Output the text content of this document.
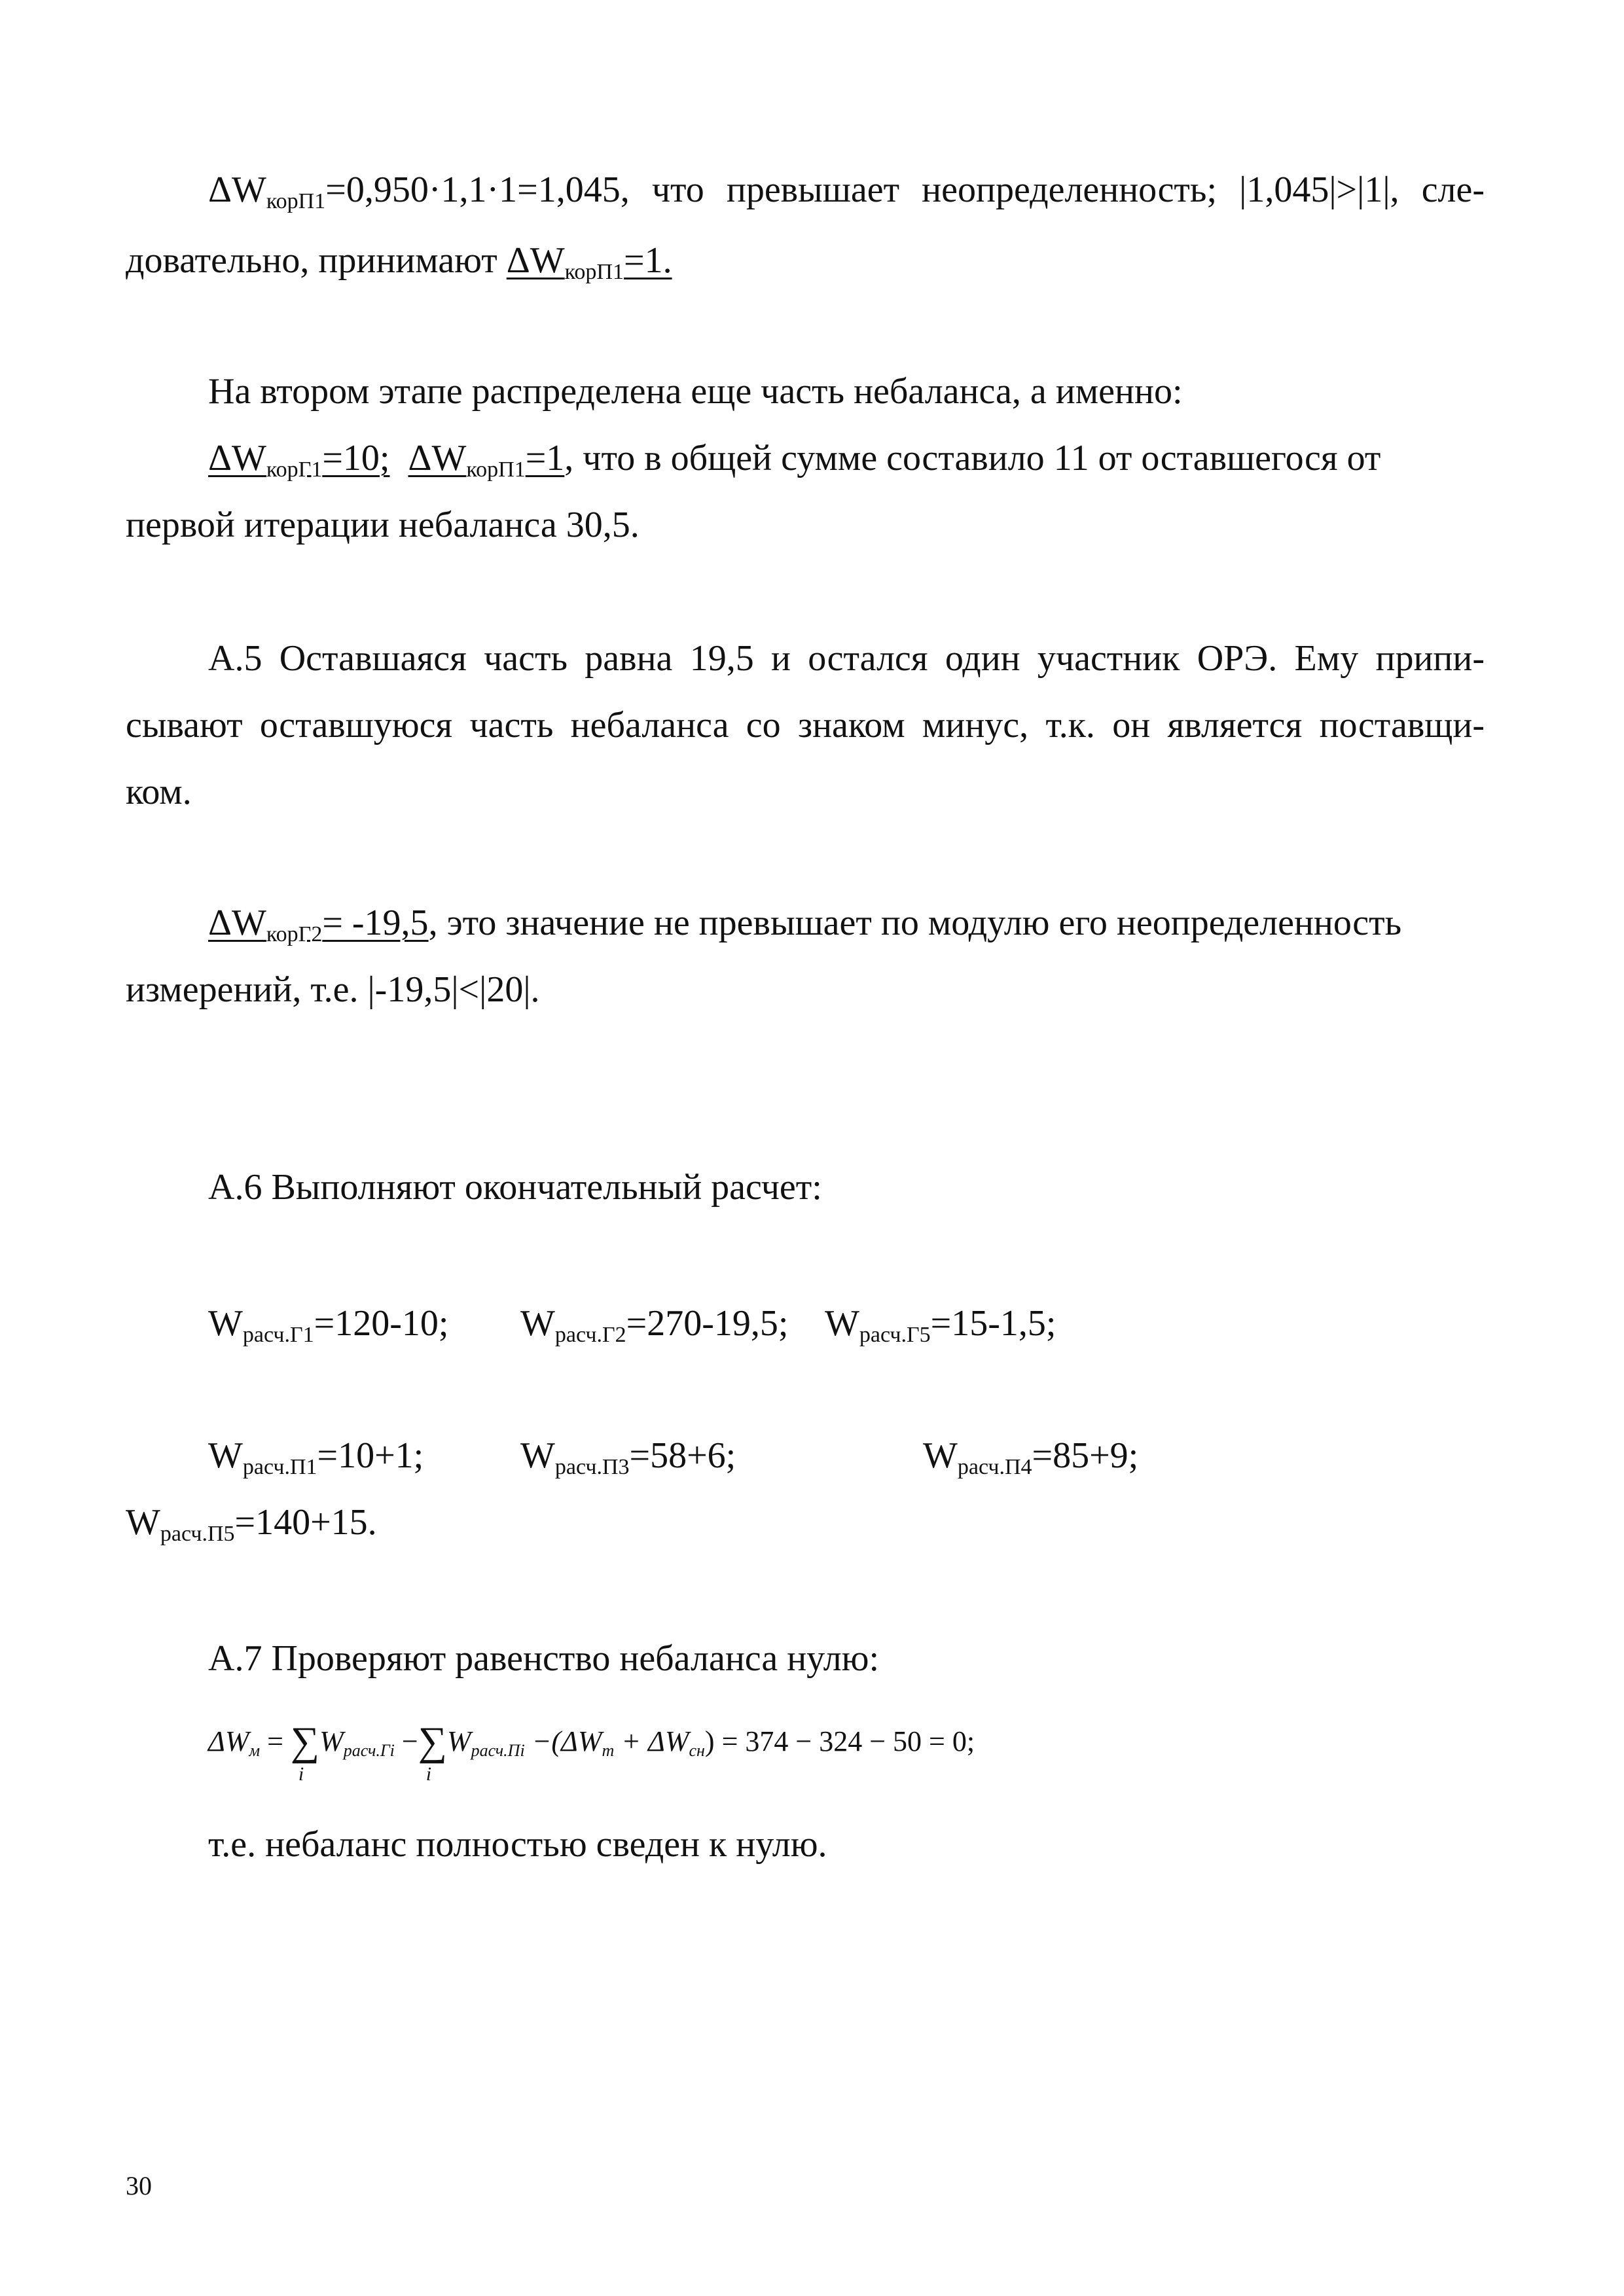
$\Delta W_{корП1}=0,950\cdot 1,1\cdot 1=1,045$, что превышает неопределенность; |1,045|>|1|, сле-
довательно, принимают $\Delta W_{корП1}=1$.
На втором этапе распределена еще часть небаланса, а именно:
$\Delta W_{корГ1}=10$; $\Delta W_{корП1}=1$, что в общей сумме составило 11 от оставшегося от
первой итерации небаланса 30,5.
А.5 Оставшаяся часть равна 19,5 и остался один участник ОРЭ. Ему припи-
сывают оставшуюся часть небаланса со знаком минус, т.к. он является поставщи-
ком.
$\Delta W_{корГ2}= -19,5$, это значение не превышает по модулю его неопределенность
измерений, т.е. |-19,5|<|20|.
А.6 Выполняют окончательный расчет:
$W_{расч.Г1}=120-10$; $W_{расч.Г2}=270-19,5$; $W_{расч.Г5}=15-1,5$;
$W_{расч.П1}=10+1$;	$W_{расч.П3}=58+6$;	$W_{расч.П4}=85+9$;
$W_{расч.П5}=140+15$.
А.7 Проверяют равенство небаланса нулю:
$\Delta W_м$ = ∑
i
$W_{расч.Гi}$ −∑
i
$W_{расч.Пi} -(\Delta W_т + \Delta W_{сн}) = 374 - 324 - 50 = 0$;
т.е. небаланс полностью сведен к нулю.
30
